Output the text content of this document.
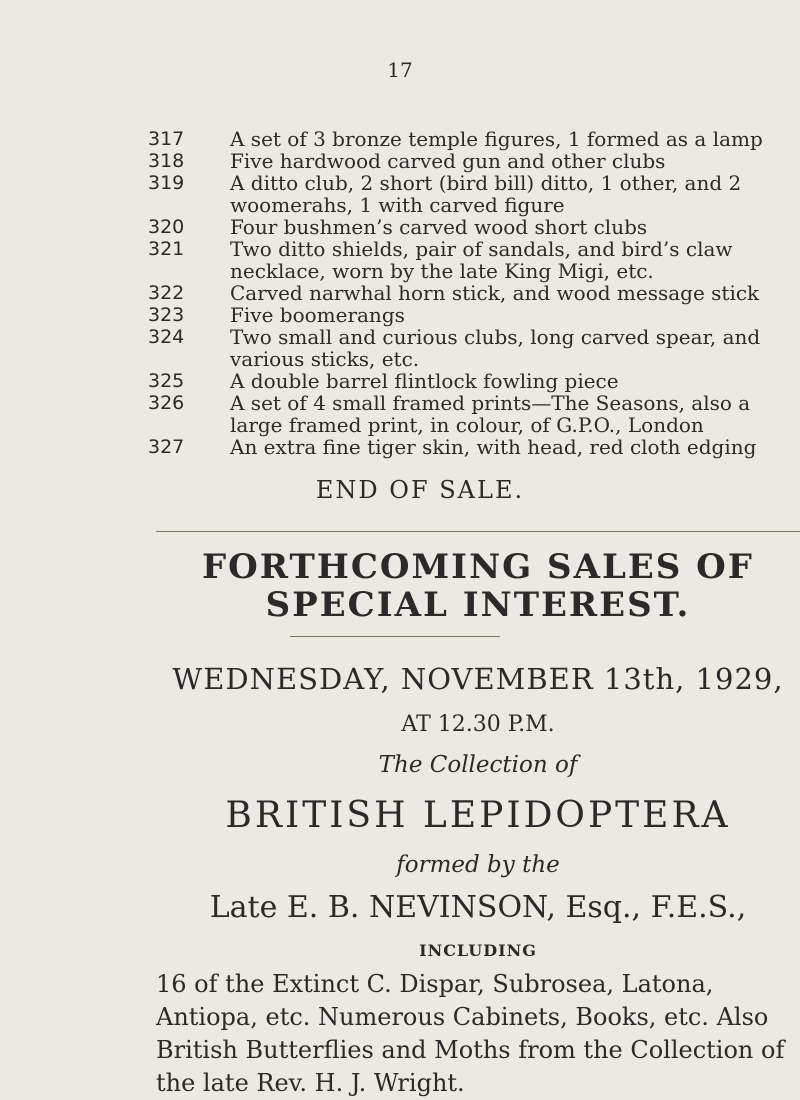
17
317	A set of 3 bronze temple figures, 1 formed as a lamp
318	Five hardwood carved gun and other clubs
319	A ditto club, 2 short (bird bill) ditto, 1 other, and 2 woomerahs, 1 with carved figure
320	Four bushmen’s carved wood short clubs
321	Two ditto shields, pair of sandals, and bird’s claw necklace, worn by the late King Migi, etc.
322	Carved narwhal horn stick, and wood message stick
323	Five boomerangs
324	Two small and curious clubs, long carved spear, and various sticks, etc.
325	A double barrel flintlock fowling piece
326	A set of 4 small framed prints—The Seasons, also a large framed print, in colour, of G.P.O., London
327	An extra fine tiger skin, with head, red cloth edging
END OF SALE.
FORTHCOMING SALES OF SPECIAL INTEREST.
WEDNESDAY, NOVEMBER 13th, 1929,
AT 12.30 P.M.
The Collection of
BRITISH LEPIDOPTERA
formed by the
Late E. B. NEVINSON, Esq., F.E.S.,
INCLUDING
16 of the Extinct C. Dispar, Subrosea, Latona, Antiopa, etc. Numerous Cabinets, Books, etc. Also British Butterflies and Moths from the Collection of the late Rev. H. J. Wright.
